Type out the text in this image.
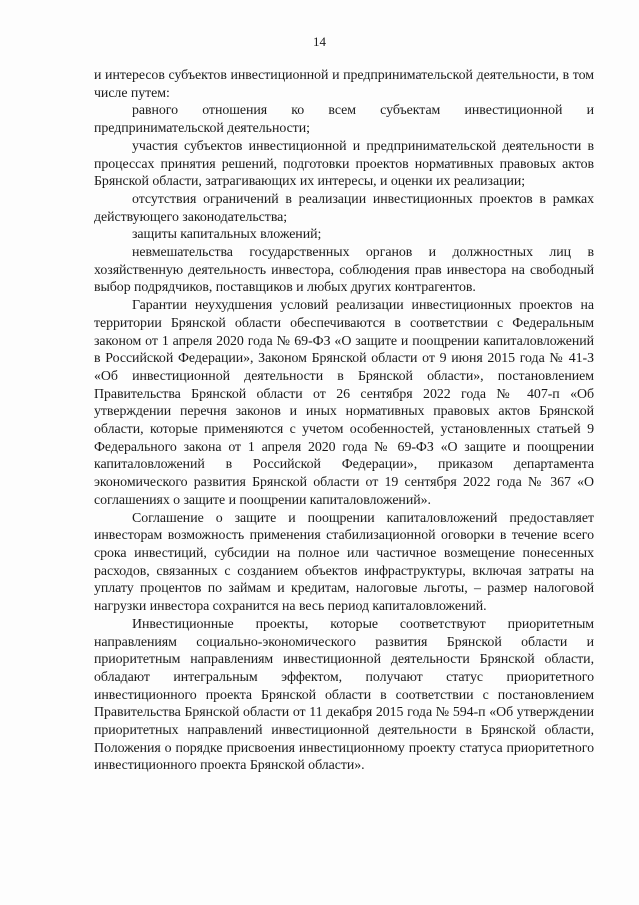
14

и интересов субъектов инвестиционной и предпринимательской деятельности, в том числе путем:

равного отношения ко всем субъектам инвестиционной и предпринимательской деятельности;

участия субъектов инвестиционной и предпринимательской деятельности в процессах принятия решений, подготовки проектов нормативных правовых актов Брянской области, затрагивающих их интересы, и оценки их реализации;

отсутствия ограничений в реализации инвестиционных проектов в рамках действующего законодательства;

защиты капитальных вложений;

невмешательства государственных органов и должностных лиц в хозяйственную деятельность инвестора, соблюдения прав инвестора на свободный выбор подрядчиков, поставщиков и любых других контрагентов.

Гарантии неухудшения условий реализации инвестиционных проектов на территории Брянской области обеспечиваются в соответствии с Федеральным законом от 1 апреля 2020 года № 69-ФЗ «О защите и поощрении капиталовложений в Российской Федерации», Законом Брянской области от 9 июня 2015 года № 41-З «Об инвестиционной деятельности в Брянской области», постановлением Правительства Брянской области от 26 сентября 2022 года № 407-п «Об утверждении перечня законов и иных нормативных правовых актов Брянской области, которые применяются с учетом особенностей, установленных статьей 9 Федерального закона от 1 апреля 2020 года № 69-ФЗ «О защите и поощрении капиталовложений в Российской Федерации», приказом департамента экономического развития Брянской области от 19 сентября 2022 года № 367 «О соглашениях о защите и поощрении капиталовложений».

Соглашение о защите и поощрении капиталовложений предоставляет инвесторам возможность применения стабилизационной оговорки в течение всего срока инвестиций, субсидии на полное или частичное возмещение понесенных расходов, связанных с созданием объектов инфраструктуры, включая затраты на уплату процентов по займам и кредитам, налоговые льготы, – размер налоговой нагрузки инвестора сохранится на весь период капиталовложений.

Инвестиционные проекты, которые соответствуют приоритетным направлениям социально-экономического развития Брянской области и приоритетным направлениям инвестиционной деятельности Брянской области, обладают интегральным эффектом, получают статус приоритетного инвестиционного проекта Брянской области в соответствии с постановлением Правительства Брянской области от 11 декабря 2015 года № 594-п «Об утверждении приоритетных направлений инвестиционной деятельности в Брянской области, Положения о порядке присвоения инвестиционному проекту статуса приоритетного инвестиционного проекта Брянской области».
